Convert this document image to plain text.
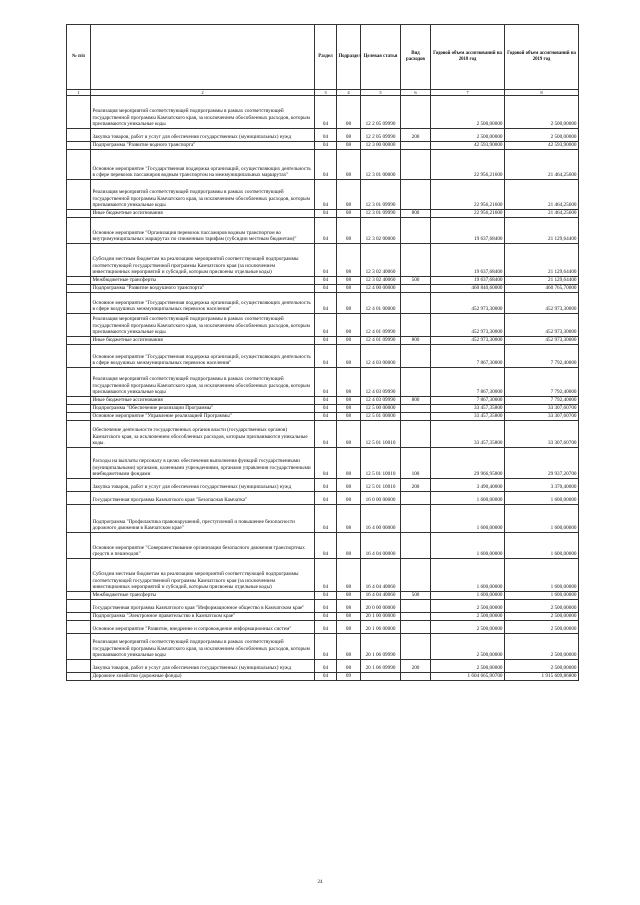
№ п/п		Раздел	Подраздел	Целевая статья	Вид расходов	Годовой объем ассигнований на 2018 год	Годовой объем ассигнований на 2019 год
1	2	3	4	5	6	7	8
	Реализация мероприятий соответствующей подпрограммы в рамках соответствующей государственной программы Камчатского края, за исключением обособленных расходов, которым присваиваются уникальные коды	04	08	12 2 05 09990		2 500,00000	2 500,00000
	Закупка товаров, работ и услуг для обеспечения государственных (муниципальных) нужд	04	08	12 2 05 09990	200	2 500,00000	2 500,00000
	Подпрограмма "Развитие водного транспорта"	04	08	12 3 00 00000		42 593,90000	42 593,90000
	Основное мероприятие "Государственная поддержка организаций, осуществляющих деятельность в сфере перевозок пассажиров водным транспортом на межмуниципальных маршрутах"	04	08	12 3 01 00000		22 956,21600	21 464,25600
	Реализация мероприятий соответствующей подпрограммы в рамках соответствующей государственной программы Камчатского края, за исключением обособленных расходов, которым присваиваются уникальные коды	04	08	12 3 01 09990		22 956,21600	21 464,25600
	Иные бюджетные ассигнования	04	08	12 3 01 09990	800	22 956,21600	21 464,25600
	Основное мероприятие "Организация перевозок пассажиров водным транспортом во внутримуниципальных маршрутах по сниженным тарифам (субсидии местным бюджетам)"	04	08	12 3 02 00000		19 637,68400	21 129,64400
	Субсидии местным бюджетам на реализацию мероприятий соответствующей подпрограммы соответствующей государственной программы Камчатского края (за исключением инвестиционных мероприятий и субсидий, которым присвоены отдельные коды)	04	08	12 3 02 40060		19 637,68400	21 129,64400
	Межбюджетные трансферты	04	08	12 3 02 40060	500	19 637,68400	21 129,64400
	Подпрограмма "Развитие воздушного транспорта"	04	08	12 4 00 00000		460 840,60000	460 765,70000
	Основное мероприятие "Государственная поддержка организаций, осуществляющих деятельность в сфере воздушных межмуниципальных перевозок населения"	04	08	12 4 01 00000		452 973,30000	452 973,30000
	Реализация мероприятий соответствующей подпрограммы в рамках соответствующей государственной программы Камчатского края, за исключением обособленных расходов, которым присваиваются уникальные коды	04	08	12 4 01 09990		452 973,30000	452 973,30000
	Иные бюджетные ассигнования	04	08	12 4 01 09990	800	452 973,30000	452 973,30000
	Основное мероприятие "Государственная поддержка организаций, осуществляющих деятельность в сфере воздушных межмуниципальных перевозок населения"	04	08	12 4 03 00000		7 867,30000	7 792,40000
	Реализация мероприятий соответствующей подпрограммы в рамках соответствующей государственной программы Камчатского края, за исключением обособленных расходов, которым присваиваются уникальные коды	04	08	12 4 03 09990		7 867,30000	7 792,40000
	Иные бюджетные ассигнования	04	08	12 4 03 09990	800	7 867,30000	7 792,40000
	Подпрограмма "Обеспечение реализации Программы"	04	08	12 5 00 00000		33 457,35800	33 307,60700
	Основное мероприятие "Управление реализацией Программы"	04	08	12 5 01 00000		33 457,35800	33 307,60700
	Обеспечение деятельности государственных органов власти (государственных органов) Камчатского края, за исключением обособленных расходов, которым присваиваются уникальные коды.	04	08	12 5 01 10010		33 457,35800	33 307,60700
	Расходы на выплаты персоналу в целях обеспечения выполнения функций государственными (муниципальными) органами, казенными учреждениями, органами управления государственными внебюджетными фондами	04	08	12 5 01 10010	100	29 966,95800	29 937,20700
	Закупка товаров, работ и услуг для обеспечения государственных (муниципальных) нужд	04	08	12 5 01 10010	200	3 490,40000	3 370,40000
	Государственная программа Камчатского края "Безопасная Камчатка"	04	08	16 0 00 00000		1 600,00000	1 600,00000
	Подпрограмма "Профилактика правонарушений, преступлений и повышение безопасности дорожного движения в Камчатском крае"	04	08	16 4 00 00000		1 600,00000	1 600,00000
	Основное мероприятие "Совершенствование организации безопасного движения транспортных средств и пешеходов"	04	08	16 4 04 00000		1 600,00000	1 600,00000
	Субсидии местным бюджетам на реализацию мероприятий соответствующей подпрограммы соответствующей государственной программы Камчатского края (за исключением инвестиционных мероприятий и субсидий, которым присвоены отдельные коды)	04	08	16 4 04 40060		1 600,00000	1 600,00000
	Межбюджетные трансферты	04	08	16 4 04 40060	500	1 600,00000	1 600,00000
	Государственная программа Камчатского края "Информационное общество в Камчатском крае"	04	08	20 0 00 00000		2 500,00000	2 500,00000
	Подпрограмма "Электронное правительство в Камчатском крае"	04	08	20 1 00 00000		2 500,00000	2 500,00000
	Основное мероприятие "Развитие, внедрение и сопровождение информационных систем"	04	08	20 1 06 00000		2 500,00000	2 500,00000
	Реализация мероприятий соответствующей подпрограммы в рамках соответствующей государственной программы Камчатского края, за исключением обособленных расходов, которым присваиваются уникальные коды	04	08	20 1 06 09990		2 500,00000	2 500,00000
	Закупка товаров, работ и услуг для обеспечения государственных (муниципальных) нужд	04	08	20 1 06 09990	200	2 500,00000	2 500,00000
	Дорожное хозяйство (дорожные фонды)	04	09			1 604 665,90700	1 915 609,86800
24
